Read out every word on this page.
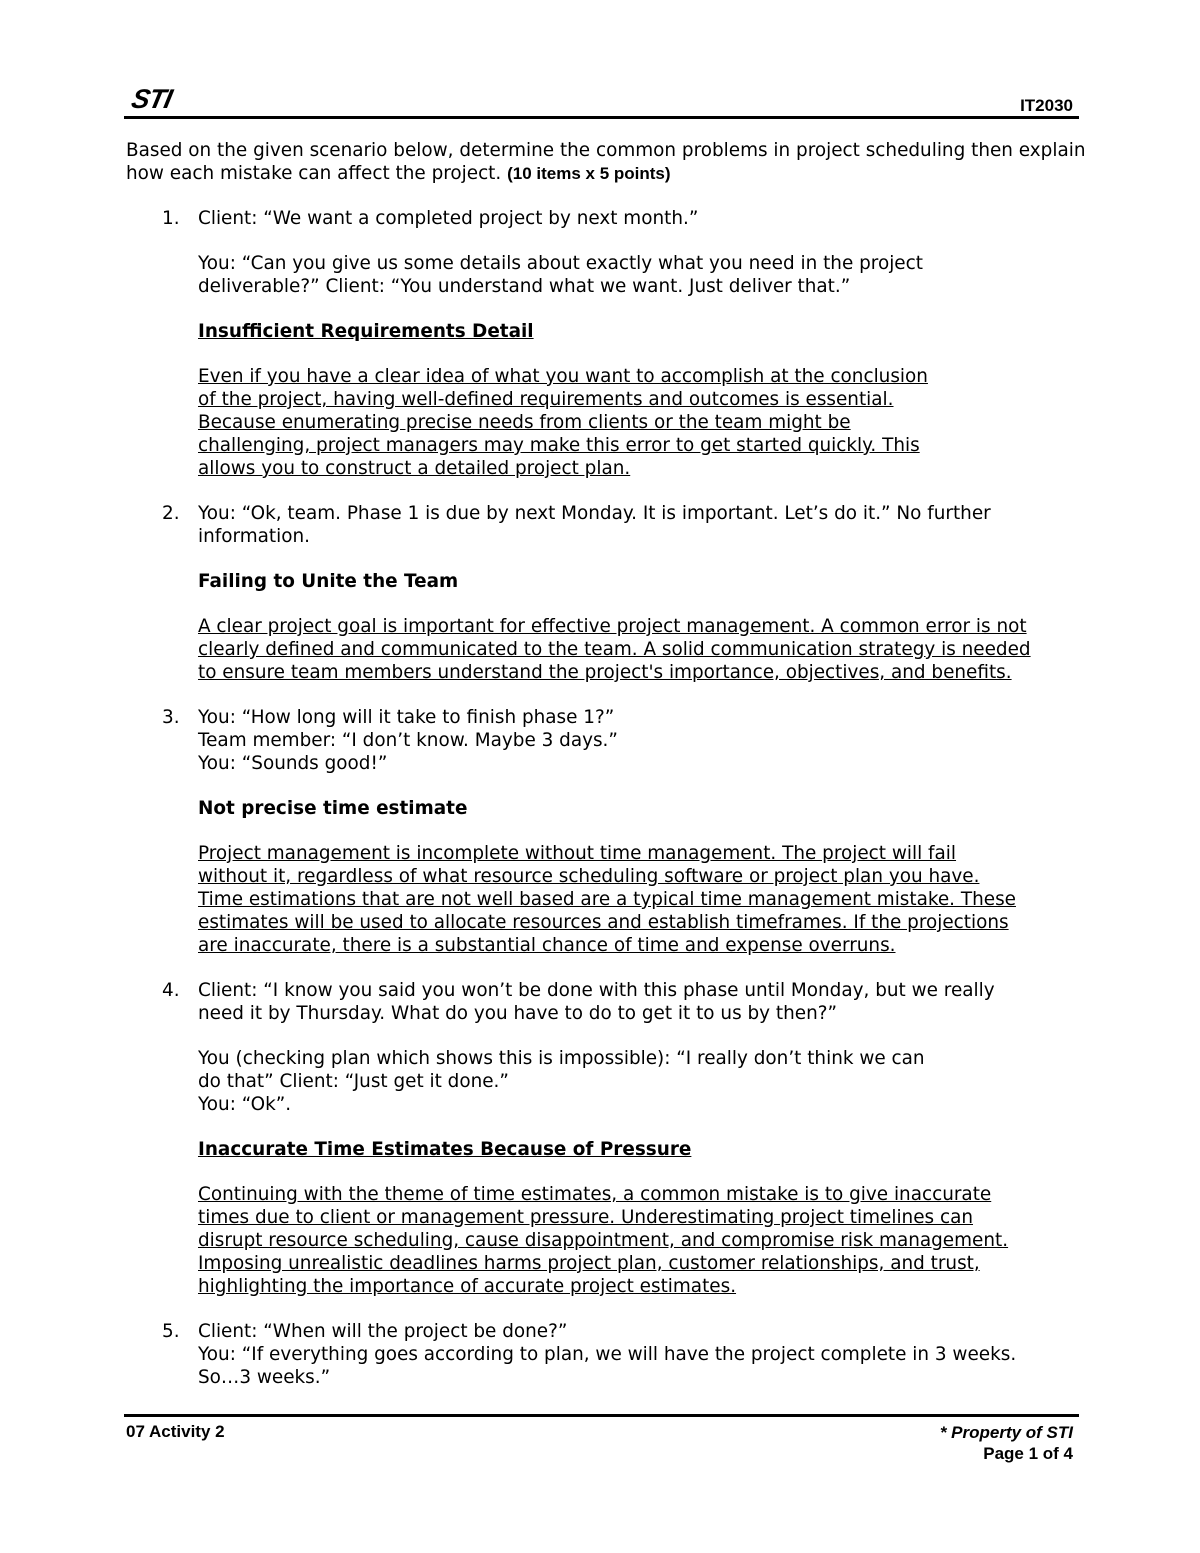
STI	IT2030

Based on the given scenario below, determine the common problems in project scheduling then explain how each mistake can affect the project. (10 items x 5 points)

1. Client: “We want a completed project by next month.”
You: “Can you give us some details about exactly what you need in the project
deliverable?” Client: “You understand what we want. Just deliver that.”
Insufficient Requirements Detail
Even if you have a clear idea of what you want to accomplish at the conclusion
of the project, having well-defined requirements and outcomes is essential.
Because enumerating precise needs from clients or the team might be
challenging, project managers may make this error to get started quickly. This
allows you to construct a detailed project plan.
2. You: “Ok, team. Phase 1 is due by next Monday. It is important. Let’s do it.” No further
information.
Failing to Unite the Team
A clear project goal is important for effective project management. A common error is not
clearly defined and communicated to the team. A solid communication strategy is needed
to ensure team members understand the project's importance, objectives, and benefits.
3. You: “How long will it take to finish phase 1?”
Team member: “I don’t know. Maybe 3 days.”
You: “Sounds good!”
Not precise time estimate
Project management is incomplete without time management. The project will fail
without it, regardless of what resource scheduling software or project plan you have.
Time estimations that are not well based are a typical time management mistake. These
estimates will be used to allocate resources and establish timeframes. If the projections
are inaccurate, there is a substantial chance of time and expense overruns.
4. Client: “I know you said you won’t be done with this phase until Monday, but we really
need it by Thursday. What do you have to do to get it to us by then?”
You (checking plan which shows this is impossible): “I really don’t think we can
do that” Client: “Just get it done.”
You: “Ok”.
Inaccurate Time Estimates Because of Pressure
Continuing with the theme of time estimates, a common mistake is to give inaccurate
times due to client or management pressure. Underestimating project timelines can
disrupt resource scheduling, cause disappointment, and compromise risk management.
Imposing unrealistic deadlines harms project plan, customer relationships, and trust,
highlighting the importance of accurate project estimates.
5. Client: “When will the project be done?”
You: “If everything goes according to plan, we will have the project complete in 3 weeks.
So…3 weeks.”
07 Activity 2	* Property of STI
Page 1 of 4
